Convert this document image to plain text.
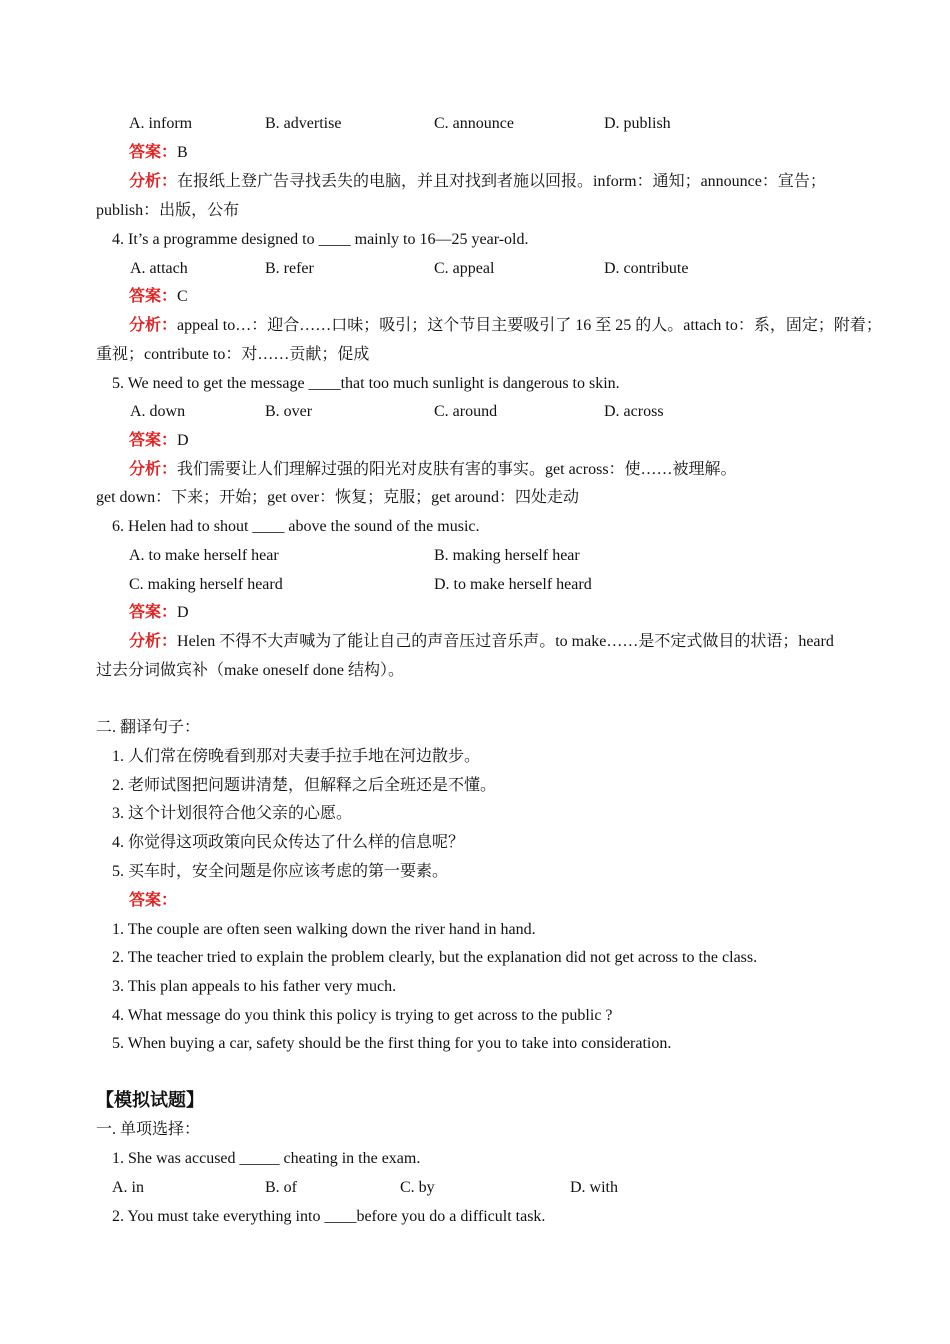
A. inform	B. advertise	C. announce	D. publish
答案：B
分析：在报纸上登广告寻找丢失的电脑，并且对找到者施以回报。inform：通知；announce：宣告；
publish：出版，公布
4. It’s a programme designed to ____ mainly to 16—25 year-old.
A. attach	B. refer	C. appeal	D. contribute
答案：C
分析：appeal to…：迎合……口味；吸引；这个节目主要吸引了 16 至 25 的人。attach to：系，固定；附着；
重视；contribute to：对……贡献；促成
5. We need to get the message ____that too much sunlight is dangerous to skin.
A. down	B. over	C. around	D. across
答案：D
分析：我们需要让人们理解过强的阳光对皮肤有害的事实。get across：使……被理解。
get down：下来；开始；get over：恢复；克服；get around：四处走动
6. Helen had to shout ____ above the sound of the music.
A. to make herself hear	B. making herself hear
C. making herself heard	D. to make herself heard
答案：D
分析：Helen 不得不大声喊为了能让自己的声音压过音乐声。to make……是不定式做目的状语；heard
过去分词做宾补（make oneself done 结构）。
二. 翻译句子：
1. 人们常在傍晚看到那对夫妻手拉手地在河边散步。
2. 老师试图把问题讲清楚，但解释之后全班还是不懂。
3. 这个计划很符合他父亲的心愿。
4. 你觉得这项政策向民众传达了什么样的信息呢？
5. 买车时，安全问题是你应该考虑的第一要素。
答案：
1. The couple are often seen walking down the river hand in hand.
2. The teacher tried to explain the problem clearly, but the explanation did not get across to the class.
3. This plan appeals to his father very much.
4. What message do you think this policy is trying to get across to the public ?
5. When buying a car, safety should be the first thing for you to take into consideration.
【模拟试题】
一. 单项选择：
1. She was accused _____ cheating in the exam.
A. in	B. of	C. by	D. with
2. You must take everything into ____before you do a difficult task.
